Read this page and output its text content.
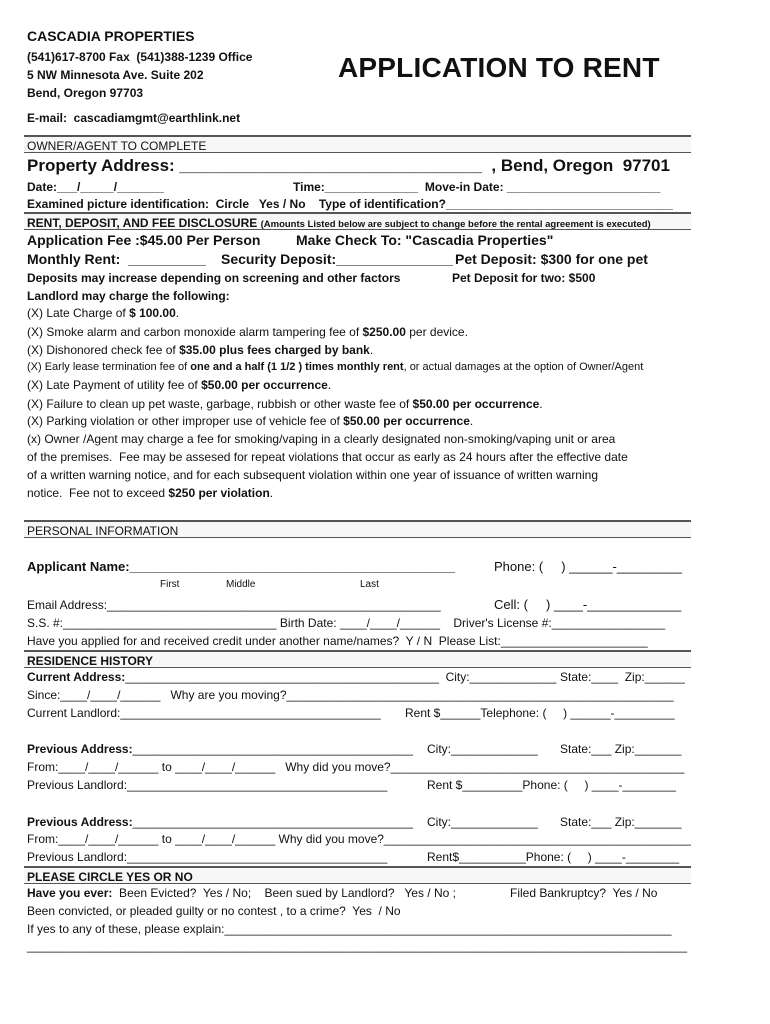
CASCADIA PROPERTIES
(541)617-8700 Fax  (541)388-1239 Office
5 NW Minnesota Ave. Suite 202
Bend, Oregon 97703
E-mail:  cascadiamgmt@earthlink.net
APPLICATION TO RENT
OWNER/AGENT TO COMPLETE
Property Address: ________________________________  , Bend, Oregon  97701
Date:___/_____/_______	Time:______________  Move-in Date: _______________________
Examined picture identification:  Circle   Yes / No    Type of identification?__________________________________
RENT, DEPOSIT, AND FEE DISCLOSURE (Amounts Listed below are subject to change before the rental agreement is executed)
Application Fee :$45.00 Per Person	Make Check To: "Cascadia Properties"
Monthly Rent:  __________ Security Deposit:_______________ Pet Deposit: $300 for one pet
Deposits may increase depending on screening and other factors	Pet Deposit for two: $500
Landlord may charge the following:
(X) Late Charge of $ 100.00.
(X) Smoke alarm and carbon monoxide alarm tampering fee of $250.00 per device.
(X) Dishonored check fee of $35.00 plus fees charged by bank.
(X) Early lease termination fee of one and a half (1 1/2 ) times monthly rent, or actual damages at the option of Owner/Agent
(X) Late Payment of utility fee of $50.00 per occurrence.
(X) Failure to clean up pet waste, garbage, rubbish or other waste fee of $50.00 per occurrence.
(X) Parking violation or other improper use of vehicle fee of $50.00 per occurrence.
(x) Owner /Agent may charge a fee for smoking/vaping in a clearly designated non-smoking/vaping unit or area
of the premises.  Fee may be assesed for repeat violations that occur as early as 24 hours after the effective date
of a written warning notice, and for each subsequent violation within one year of issuance of written warning
notice.  Fee not to exceed $250 per violation.
PERSONAL INFORMATION
Applicant Name:_____________________________________________	Phone: (     ) ______-_________
First	Middle	Last
Email Address:__________________________________________________	Cell: (     ) ____-_____________
S.S. #:________________________________ Birth Date: ____/____/______    Driver's License #:_________________
Have you applied for and received credit under another name/names?  Y / N  Please List:______________________
RESIDENCE HISTORY
Current Address:_______________________________________________  City:_____________ State:____  Zip:______
Since:____/____/______   Why are you moving?__________________________________________________________
Current Landlord:_______________________________________ Rent $______Telephone: (     ) ______-_________
Previous Address:__________________________________________ City:_____________ State:___ Zip:_______
From:____/____/______ to ____/____/______   Why did you move?____________________________________________
Previous Landlord:_______________________________________	Rent $_________Phone: (     ) ____-________
Previous Address:__________________________________________ City:_____________ State:___ Zip:_______
From:____/____/______ to ____/____/______ Why did you move?______________________________________________
Previous Landlord:_______________________________________	Rent$__________Phone: (     ) ____-________
PLEASE CIRCLE YES OR NO
Have you ever:  Been Evicted?  Yes / No;    Been sued by Landlord?   Yes / No ;	Filed Bankruptcy?  Yes / No
Been convicted, or pleaded guilty or no contest , to a crime?  Yes  / No
If yes to any of these, please explain:___________________________________________________________________
_____________________________________________________________________________________________________
